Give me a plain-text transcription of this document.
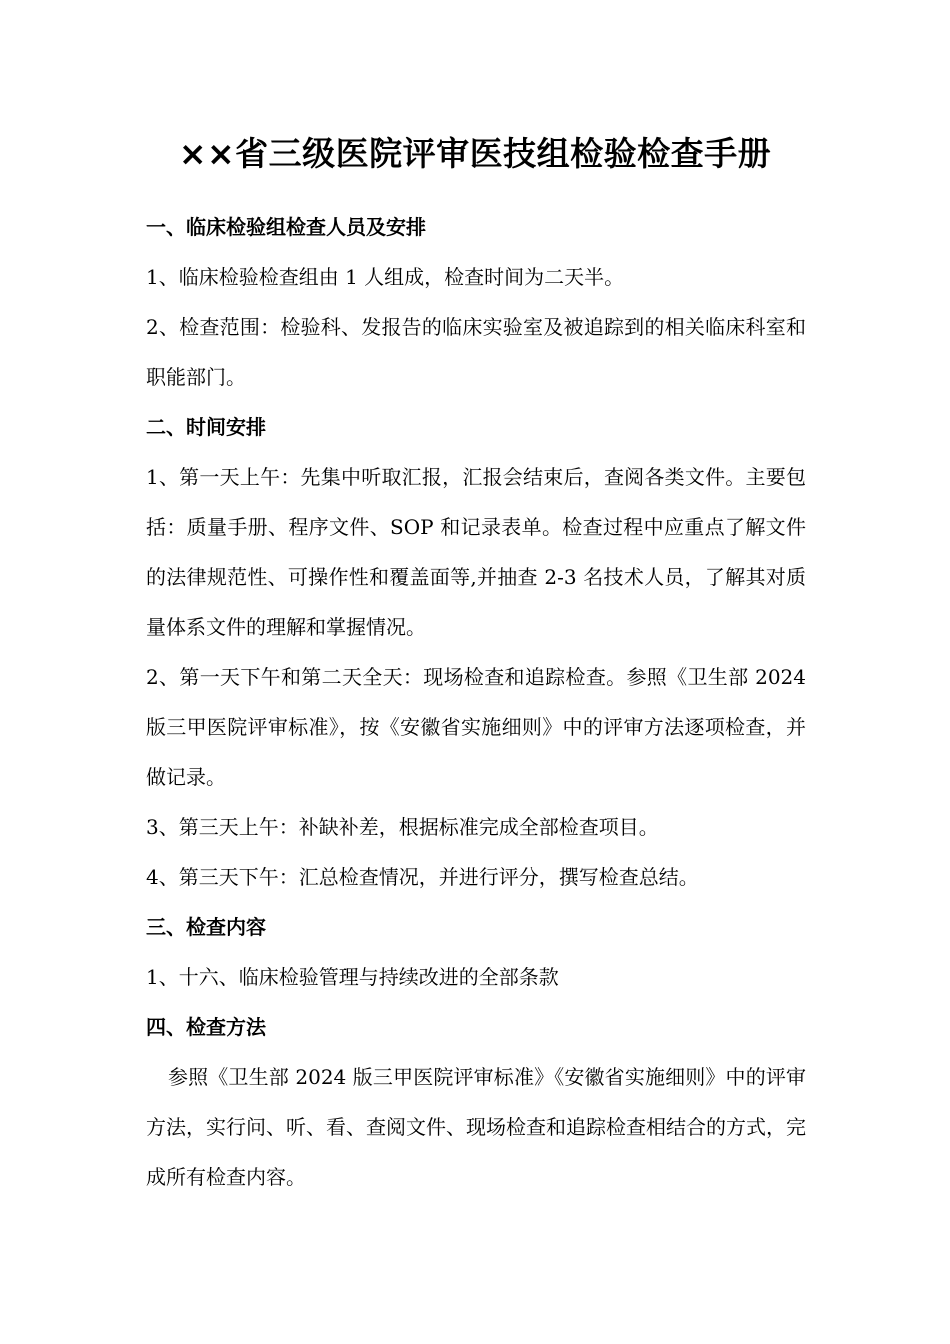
××省三级医院评审医技组检验检查手册

一、临床检验组检查人员及安排

1、临床检验检查组由 1 人组成，检查时间为二天半。

2、检查范围：检验科、发报告的临床实验室及被追踪到的相关临床科室和职能部门。

二、时间安排

1、第一天上午：先集中听取汇报，汇报会结束后，查阅各类文件。主要包括：质量手册、程序文件、SOP 和记录表单。检查过程中应重点了解文件的法律规范性、可操作性和覆盖面等,并抽查 2-3 名技术人员，了解其对质量体系文件的理解和掌握情况。

2、第一天下午和第二天全天：现场检查和追踪检查。参照《卫生部 2024 版三甲医院评审标准》，按《安徽省实施细则》中的评审方法逐项检查，并做记录。

3、第三天上午：补缺补差，根据标准完成全部检查项目。

4、第三天下午：汇总检查情况，并进行评分，撰写检查总结。

三、检查内容

1、十六、临床检验管理与持续改进的全部条款

四、检查方法

参照《卫生部 2024 版三甲医院评审标准》《安徽省实施细则》中的评审方法，实行问、听、看、查阅文件、现场检查和追踪检查相结合的方式，完成所有检查内容。
